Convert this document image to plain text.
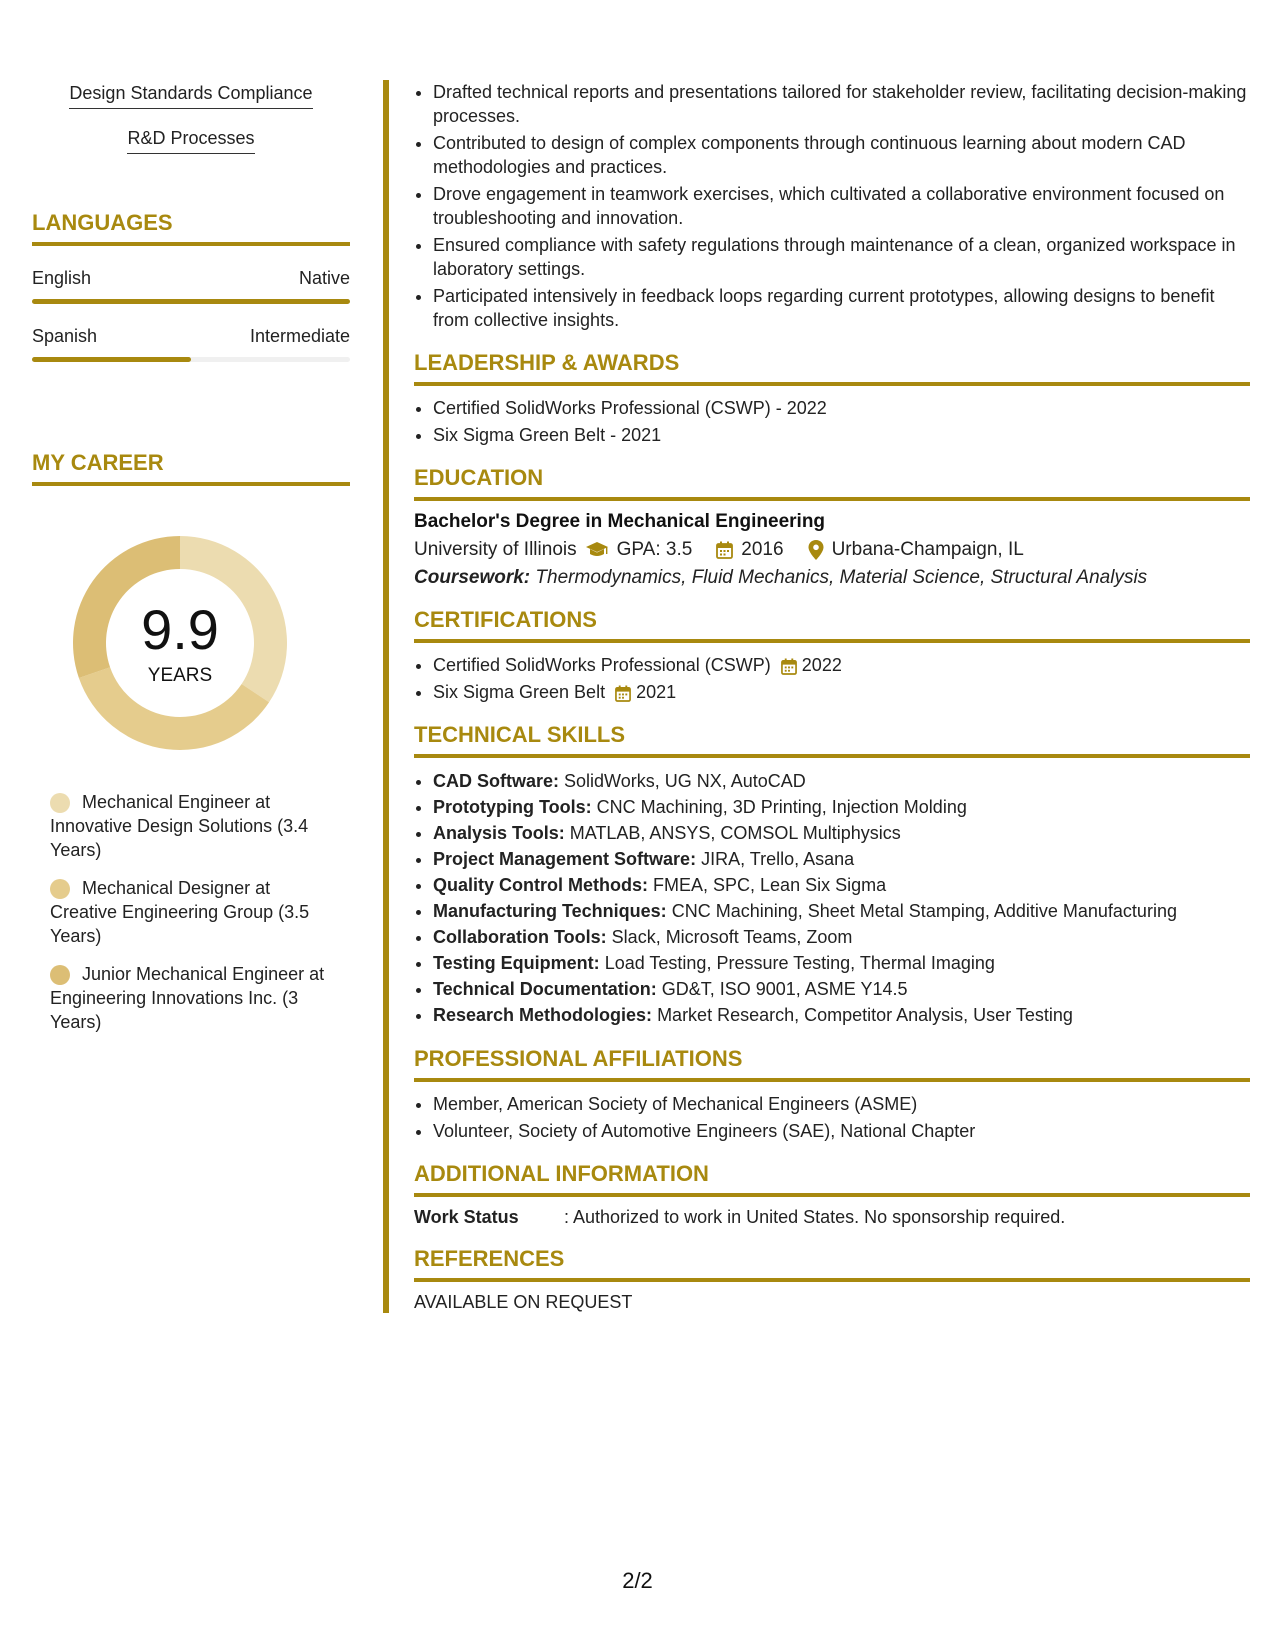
Design Standards Compliance
R&D Processes
LANGUAGES
English	Native
Spanish	Intermediate
MY CAREER
9.9
YEARS
Mechanical Engineer at Innovative Design Solutions (3.4 Years)
Mechanical Designer at Creative Engineering Group (3.5 Years)
Junior Mechanical Engineer at Engineering Innovations Inc. (3 Years)
• Drafted technical reports and presentations tailored for stakeholder review, facilitating decision-making processes.
• Contributed to design of complex components through continuous learning about modern CAD methodologies and practices.
• Drove engagement in teamwork exercises, which cultivated a collaborative environment focused on troubleshooting and innovation.
• Ensured compliance with safety regulations through maintenance of a clean, organized workspace in laboratory settings.
• Participated intensively in feedback loops regarding current prototypes, allowing designs to benefit from collective insights.
LEADERSHIP & AWARDS
• Certified SolidWorks Professional (CSWP) - 2022
• Six Sigma Green Belt - 2021
EDUCATION
Bachelor's Degree in Mechanical Engineering
University of Illinois GPA: 3.5	2016	Urbana-Champaign, IL
Coursework: Thermodynamics, Fluid Mechanics, Material Science, Structural Analysis
CERTIFICATIONS
• Certified SolidWorks Professional (CSWP) 2022
• Six Sigma Green Belt 2021
TECHNICAL SKILLS
• CAD Software: SolidWorks, UG NX, AutoCAD
• Prototyping Tools: CNC Machining, 3D Printing, Injection Molding
• Analysis Tools: MATLAB, ANSYS, COMSOL Multiphysics
• Project Management Software: JIRA, Trello, Asana
• Quality Control Methods: FMEA, SPC, Lean Six Sigma
• Manufacturing Techniques: CNC Machining, Sheet Metal Stamping, Additive Manufacturing
• Collaboration Tools: Slack, Microsoft Teams, Zoom
• Testing Equipment: Load Testing, Pressure Testing, Thermal Imaging
• Technical Documentation: GD&T, ISO 9001, ASME Y14.5
• Research Methodologies: Market Research, Competitor Analysis, User Testing
PROFESSIONAL AFFILIATIONS
• Member, American Society of Mechanical Engineers (ASME)
• Volunteer, Society of Automotive Engineers (SAE), National Chapter
ADDITIONAL INFORMATION
Work Status	: Authorized to work in United States. No sponsorship required.
REFERENCES
AVAILABLE ON REQUEST
2/2
